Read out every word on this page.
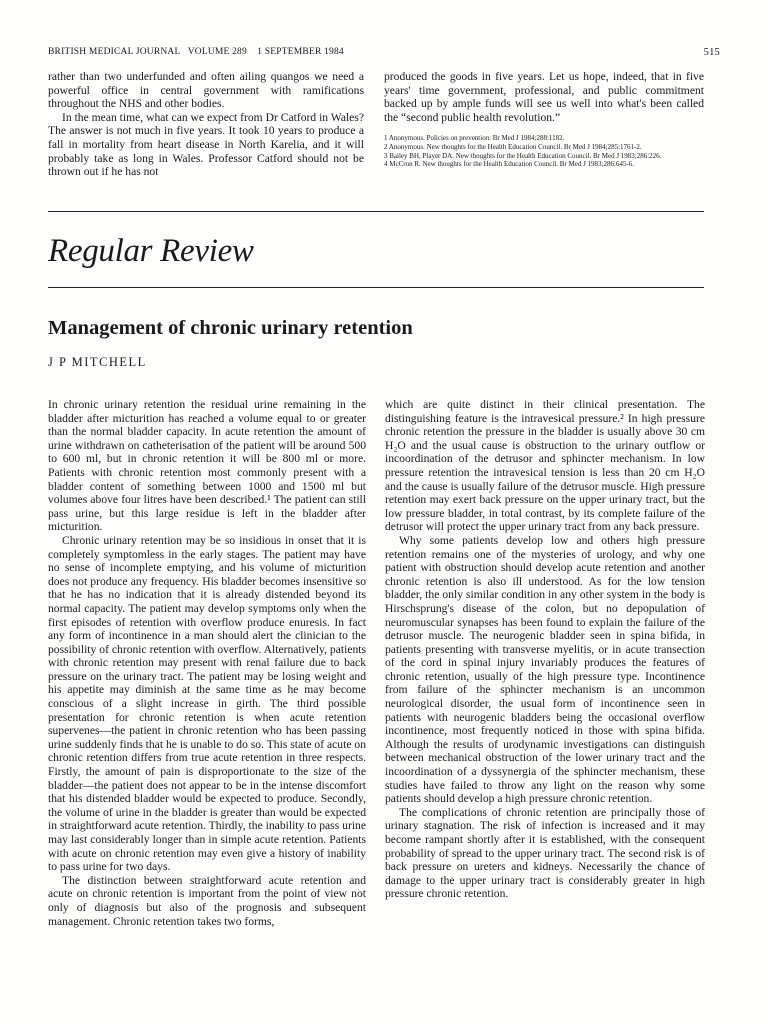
BRITISH MEDICAL JOURNAL   VOLUME 289    1 SEPTEMBER 1984	515

rather than two underfunded and often ailing quangos we need a powerful office in central government with ramifications throughout the NHS and other bodies.

In the mean time, what can we expect from Dr Catford in Wales? The answer is not much in five years. It took 10 years to produce a fall in mortality from heart disease in North Karelia, and it will probably take as long in Wales. Professor Catford should not be thrown out if he has not

produced the goods in five years. Let us hope, indeed, that in five years' time government, professional, and public commitment backed up by ample funds will see us well into what's been called the “second public health revolution.”

1 Anonymous. Policies on prevention. Br Med J 1984;288:1182.
2 Anonymous. New thoughts for the Health Education Council. Br Med J 1984;285:1761-2.
3 Bailey BH, Player DA. New thoughts for the Health Education Council. Br Med J 1983;286:226.
4 McCron R. New thoughts for the Health Education Council. Br Med J 1983;286:645-6.
Regular Review
Management of chronic urinary retention
J P MITCHELL

In chronic urinary retention the residual urine remaining in the bladder after micturition has reached a volume equal to or greater than the normal bladder capacity. In acute retention the amount of urine withdrawn on catheterisation of the patient will be around 500 to 600 ml, but in chronic retention it will be 800 ml or more. Patients with chronic retention most commonly present with a bladder content of something between 1000 and 1500 ml but volumes above four litres have been described.¹ The patient can still pass urine, but this large residue is left in the bladder after micturition.

Chronic urinary retention may be so insidious in onset that it is completely symptomless in the early stages. The patient may have no sense of incomplete emptying, and his volume of micturition does not produce any frequency. His bladder becomes insensitive so that he has no indication that it is already distended beyond its normal capacity. The patient may develop symptoms only when the first episodes of retention with overflow produce enuresis. In fact any form of incontinence in a man should alert the clinician to the possibility of chronic retention with overflow. Alternatively, patients with chronic retention may present with renal failure due to back pressure on the urinary tract. The patient may be losing weight and his appetite may diminish at the same time as he may become conscious of a slight increase in girth. The third possible presentation for chronic retention is when acute retention supervenes—the patient in chronic retention who has been passing urine suddenly finds that he is unable to do so. This state of acute on chronic retention differs from true acute retention in three respects. Firstly, the amount of pain is disproportionate to the size of the bladder—the patient does not appear to be in the intense discomfort that his distended bladder would be expected to produce. Secondly, the volume of urine in the bladder is greater than would be expected in straightforward acute retention. Thirdly, the inability to pass urine may last considerably longer than in simple acute retention. Patients with acute on chronic retention may even give a history of inability to pass urine for two days.

The distinction between straightforward acute retention and acute on chronic retention is important from the point of view not only of diagnosis but also of the prognosis and subsequent management. Chronic retention takes two forms,

which are quite distinct in their clinical presentation. The distinguishing feature is the intravesical pressure.² In high pressure chronic retention the pressure in the bladder is usually above 30 cm H₂O and the usual cause is obstruction to the urinary outflow or incoordination of the detrusor and sphincter mechanism. In low pressure retention the intravesical tension is less than 20 cm H₂O and the cause is usually failure of the detrusor muscle. High pressure retention may exert back pressure on the upper urinary tract, but the low pressure bladder, in total contrast, by its complete failure of the detrusor will protect the upper urinary tract from any back pressure.

Why some patients develop low and others high pressure retention remains one of the mysteries of urology, and why one patient with obstruction should develop acute retention and another chronic retention is also ill understood. As for the low tension bladder, the only similar condition in any other system in the body is Hirschsprung's disease of the colon, but no depopulation of neuromuscular synapses has been found to explain the failure of the detrusor muscle. The neurogenic bladder seen in spina bifida, in patients presenting with transverse myelitis, or in acute transection of the cord in spinal injury invariably produces the features of chronic retention, usually of the high pressure type. Incontinence from failure of the sphincter mechanism is an uncommon neurological disorder, the usual form of incontinence seen in patients with neurogenic bladders being the occasional overflow incontinence, most frequently noticed in those with spina bifida. Although the results of urodynamic investigations can distinguish between mechanical obstruction of the lower urinary tract and the incoordination of a dyssynergia of the sphincter mechanism, these studies have failed to throw any light on the reason why some patients should develop a high pressure chronic retention.

The complications of chronic retention are principally those of urinary stagnation. The risk of infection is increased and it may become rampant shortly after it is established, with the consequent probability of spread to the upper urinary tract. The second risk is of back pressure on ureters and kidneys. Necessarily the chance of damage to the upper urinary tract is considerably greater in high pressure chronic retention.
